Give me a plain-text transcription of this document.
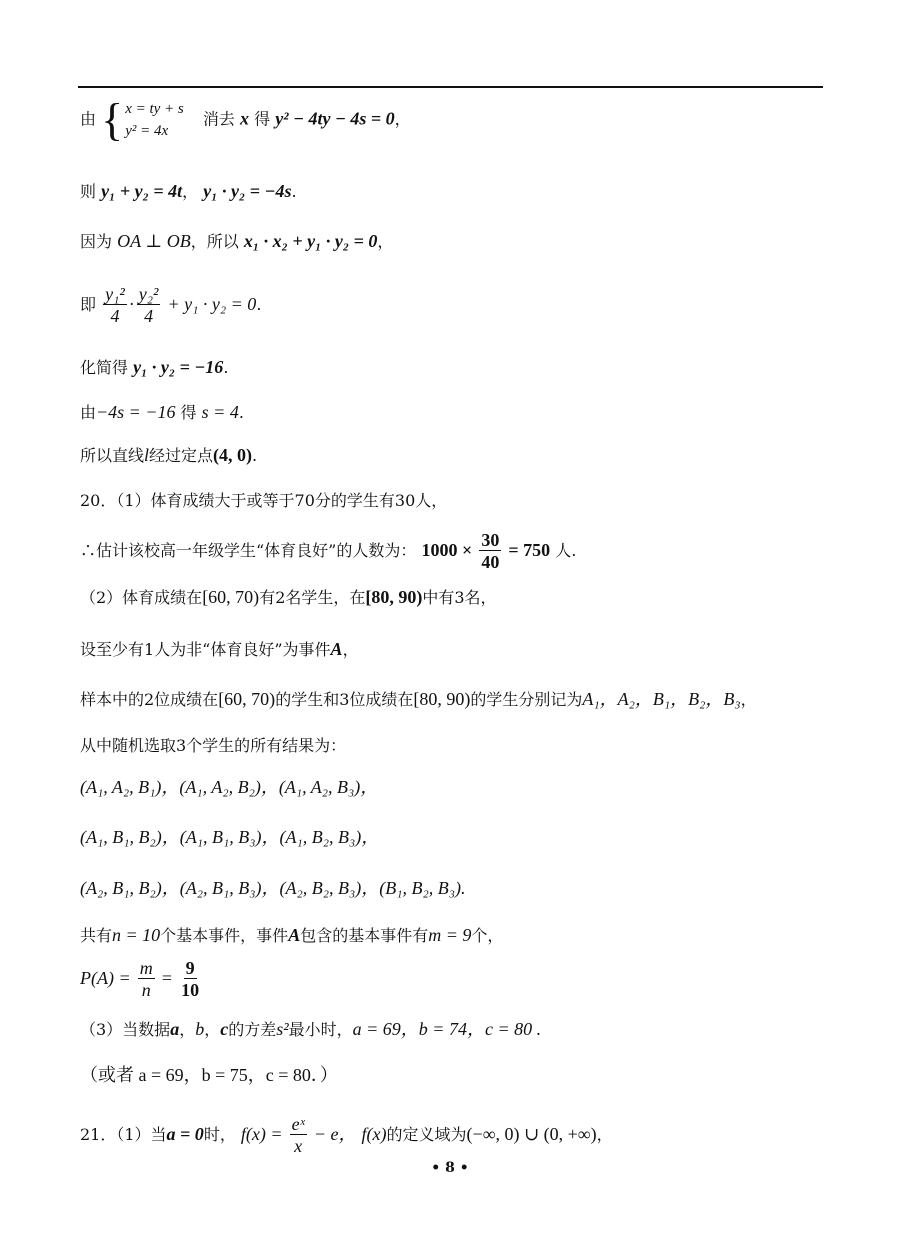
由 { x = ty + s
y² = 4x
消去 x 得 y² − 4ty − 4s = 0，
则 y₁ + y₂ = 4t， y₁ · y₂ = −4s.
因为 OA ⊥ OB，所以 x₁ · x₂ + y₁ · y₂ = 0，
即 $\frac{\text{y₁²}}{4} \cdot \frac{\text{y₂²}}{4} + y_1 \cdot y_2 = 0$.
化简得 y₁ · y₂ = −16.
由−4s = −16 得 s = 4.
所以直线l经过定点(4, 0).
20．（1）体育成绩大于或等于70分的学生有30人，
∴估计该校高一年级学生“体育良好”的人数为： $1000 \times \frac{30}{40} = 750$ 人.
（2）体育成绩在[60, 70)有2名学生，在[80, 90)中有3名，
设至少有1人为非“体育良好”为事件A，
样本中的2位成绩在[60, 70)的学生和3位成绩在[80, 90)的学生分别记为A₁，A₂，B₁，B₂，B₃，
从中随机选取3个学生的所有结果为：
(A₁, A₂, B₁)，(A₁, A₂, B₂)，(A₁, A₂, B₃)，
(A₁, B₁, B₂)，(A₁, B₁, B₃)，(A₁, B₂, B₃)，
(A₂, B₁, B₂)，(A₂, B₁, B₃)，(A₂, B₂, B₃)，(B₁, B₂, B₃).
共有n = 10个基本事件，事件A包含的基本事件有m = 9个，
$P(A) = \frac{m}{n} = \frac{9}{10}$
（3）当数据a，b，c的方差s²最小时，a = 69，b = 74，c = 80 .
（或者 a = 69，b = 75，c = 80．）
21．（1）当a = 0时， $f(x) = \frac{\text{eˣ}}{x} - e$， f(x)的定义域为(−∞, 0) ∪ (0, +∞)，
• 8 •
